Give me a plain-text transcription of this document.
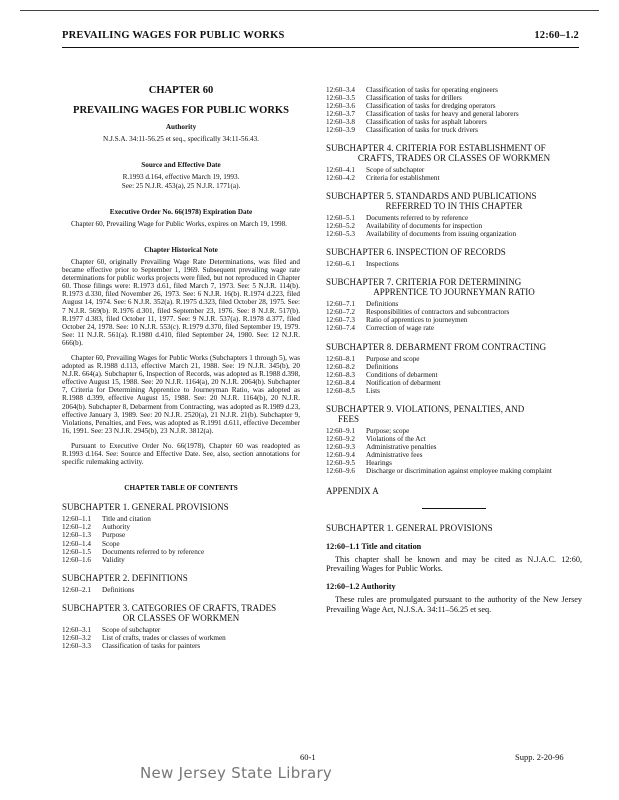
PREVAILING WAGES FOR PUBLIC WORKS	12:60–1.2
CHAPTER 60
PREVAILING WAGES FOR PUBLIC WORKS
Authority
N.J.S.A. 34:11-56.25 et seq., specifically 34:11-56.43.
Source and Effective Date
R.1993 d.164, effective March 19, 1993.
See: 25 N.J.R. 453(a), 25 N.J.R. 1771(a).
Executive Order No. 66(1978) Expiration Date

Chapter 60, Prevailing Wage for Public Works, expires on March 19, 1998.

Chapter Historical Note

Chapter 60, originally Prevailing Wage Rate Determinations, was filed and became effective prior to September 1, 1969. Subsequent prevailing wage rate determinations for public works projects were filed, but not reproduced in Chapter 60. Those filings were: R.1973 d.61, filed March 7, 1973. See: 5 N.J.R. 114(b). R.1973 d.330, filed November 26, 1973. See: 6 N.J.R. 16(b). R.1974 d.223, filed August 14, 1974. See: 6 N.J.R. 352(a). R.1975 d.323, filed October 28, 1975. See: 7 N.J.R. 569(b). R.1976 d.301, filed September 23, 1976. See: 8 N.J.R. 517(b). R.1977 d.383, filed October 11, 1977. See: 9 N.J.R. 537(a). R.1978 d.377, filed October 24, 1978. See: 10 N.J.R. 553(c). R.1979 d.370, filed September 19, 1979. See: 11 N.J.R. 561(a). R.1980 d.410, filed September 24, 1980. See: 12 N.J.R. 666(b).

Chapter 60, Prevailing Wages for Public Works (Subchapters 1 through 5), was adopted as R.1988 d.113, effective March 21, 1988. See: 19 N.J.R. 345(b), 20 N.J.R. 664(a). Subchapter 6, Inspection of Records, was adopted as R.1988 d.398, effective August 15, 1988. See: 20 N.J.R. 1164(a), 20 N.J.R. 2064(b). Subchapter 7, Criteria for Determining Apprentice to Journeyman Ratio, was adopted as R.1988 d.399, effective August 15, 1988. See: 20 N.J.R. 1164(b), 20 N.J.R. 2064(b). Subchapter 8, Debarment from Contracting, was adopted as R.1989 d.23, effective January 3, 1989. See: 20 N.J.R. 2520(a), 21 N.J.R. 21(b). Subchapter 9, Violations, Penalties, and Fees, was adopted as R.1991 d.611, effective December 16, 1991. See: 23 N.J.R. 2945(b), 23 N.J.R. 3812(a).

Pursuant to Executive Order No. 66(1978), Chapter 60 was readopted as R.1993 d.164. See: Source and Effective Date. See, also, section annotations for specific rulemaking activity.

CHAPTER TABLE OF CONTENTS
SUBCHAPTER 1. GENERAL PROVISIONS
12:60–1.1	Title and citation
12:60–1.2	Authority
12:60–1.3	Purpose
12:60–1.4	Scope
12:60–1.5	Documents referred to by reference
12:60–1.6	Validity
SUBCHAPTER 2. DEFINITIONS
12:60–2.1	Definitions
SUBCHAPTER 3. CATEGORIES OF CRAFTS, TRADES
OR CLASSES OF WORKMEN
12:60–3.1	Scope of subchapter
12:60–3.2	List of crafts, trades or classes of workmen
12:60–3.3	Classification of tasks for painters
12:60–3.4	Classification of tasks for operating engineers
12:60–3.5	Classification of tasks for drillers
12:60–3.6	Classification of tasks for dredging operators
12:60–3.7	Classification of tasks for heavy and general laborers
12:60–3.8	Classification of tasks for asphalt laborers
12:60–3.9	Classification of tasks for truck drivers
SUBCHAPTER 4. CRITERIA FOR ESTABLISHMENT OF
CRAFTS, TRADES OR CLASSES OF WORKMEN
12:60–4.1	Scope of subchapter
12:60–4.2	Criteria for establishment
SUBCHAPTER 5. STANDARDS AND PUBLICATIONS
REFERRED TO IN THIS CHAPTER
12:60–5.1	Documents referred to by reference
12:60–5.2	Availability of documents for inspection
12:60–5.3	Availability of documents from issuing organization
SUBCHAPTER 6. INSPECTION OF RECORDS
12:60–6.1	Inspections
SUBCHAPTER 7. CRITERIA FOR DETERMINING
APPRENTICE TO JOURNEYMAN RATIO
12:60–7.1	Definitions
12:60–7.2	Responsibilities of contractors and subcontractors
12:60–7.3	Ratio of apprentices to journeymen
12:60–7.4	Correction of wage rate
SUBCHAPTER 8. DEBARMENT FROM CONTRACTING
12:60–8.1	Purpose and scope
12:60–8.2	Definitions
12:60–8.3	Conditions of debarment
12:60–8.4	Notification of debarment
12:60–8.5	Lists
SUBCHAPTER 9. VIOLATIONS, PENALTIES, AND
FEES
12:60–9.1	Purpose; scope
12:60–9.2	Violations of the Act
12:60–9.3	Administrative penalties
12:60–9.4	Administrative fees
12:60–9.5	Hearings
12:60–9.6	Discharge or discrimination against employee making complaint
APPENDIX A
SUBCHAPTER 1. GENERAL PROVISIONS
12:60–1.1 Title and citation

This chapter shall be known and may be cited as N.J.A.C. 12:60, Prevailing Wages for Public Works.

12:60–1.2 Authority

These rules are promulgated pursuant to the authority of the New Jersey Prevailing Wage Act, N.J.S.A. 34:11–56.25 et seq.

60-1	Supp. 2-20-96
New Jersey State Library
